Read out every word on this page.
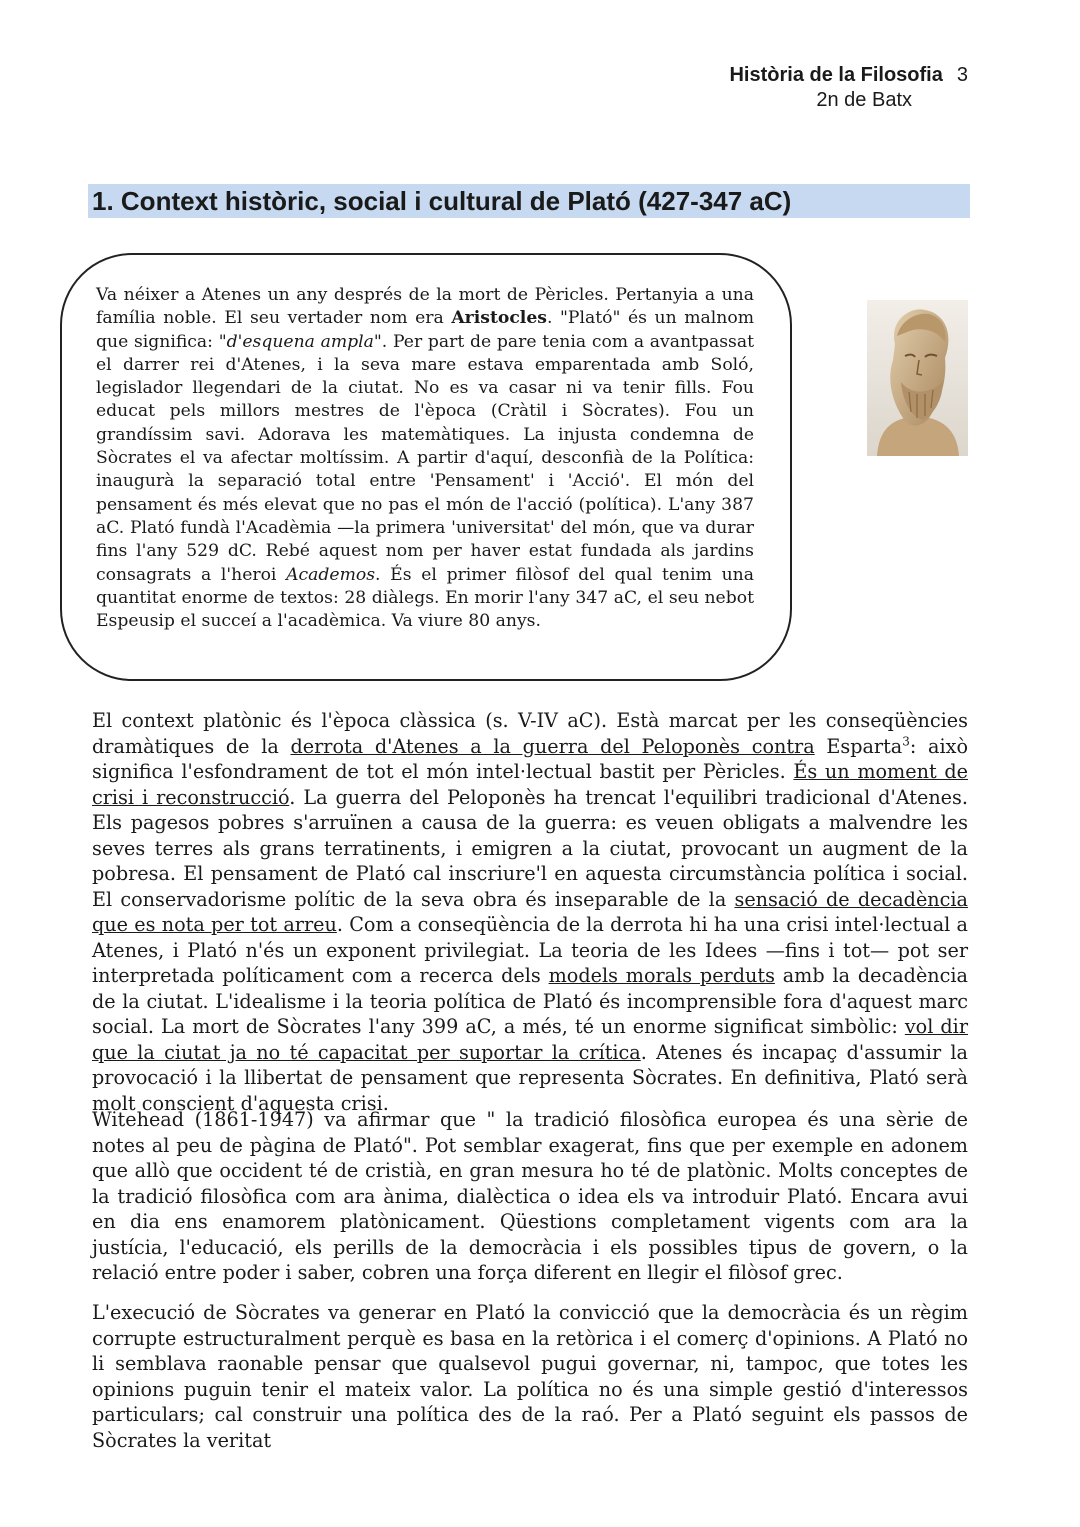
Història de la Filosofia 3
2n de Batx
1. Context històric, social i cultural de Plató (427-347 aC)
Va néixer a Atenes un any després de la mort de Pèricles. Pertanyia a una família noble. El seu vertader nom era Aristocles. "Plató" és un malnom que significa: "d'esquena ampla". Per part de pare tenia com a avantpassat el darrer rei d'Atenes, i la seva mare estava emparentada amb Soló, legislador llegendari de la ciutat. No es va casar ni va tenir fills. Fou educat pels millors mestres de l'època (Cràtil i Sòcrates). Fou un grandíssim savi. Adorava les matemàtiques. La injusta condemna de Sòcrates el va afectar moltíssim. A partir d'aquí, desconfià de la Política: inaugurà la separació total entre 'Pensament' i 'Acció'. El món del pensament és més elevat que no pas el món de l'acció (política). L'any 387 aC. Plató fundà l'Acadèmia —la primera 'universitat' del món, que va durar fins l'any 529 dC. Rebé aquest nom per haver estat fundada als jardins consagrats a l'heroi Academos. És el primer filòsof del qual tenim una quantitat enorme de textos: 28 diàlegs. En morir l'any 347 aC, el seu nebot Espeusip el succeí a l'acadèmica. Va viure 80 anys.

El context platònic és l'època clàssica (s. V-IV aC). Està marcat per les conseqüències dramàtiques de la derrota d'Atenes a la guerra del Peloponès contra Esparta$^3$: això significa l'esfondrament de tot el món intel·lectual bastit per Pèricles. És un moment de crisi i reconstrucció. La guerra del Peloponès ha trencat l'equilibri tradicional d'Atenes. Els pagesos pobres s'arruïnen a causa de la guerra: es veuen obligats a malvendre les seves terres als grans terratinents, i emigren a la ciutat, provocant un augment de la pobresa. El pensament de Plató cal inscriure'l en aquesta circumstància política i social. El conservadorisme polític de la seva obra és inseparable de la sensació de decadència que es nota per tot arreu. Com a conseqüència de la derrota hi ha una crisi intel·lectual a Atenes, i Plató n'és un exponent privilegiat. La teoria de les Idees —fins i tot— pot ser interpretada políticament com a recerca dels models morals perduts amb la decadència de la ciutat. L'idealisme i la teoria política de Plató és incomprensible fora d'aquest marc social. La mort de Sòcrates l'any 399 aC, a més, té un enorme significat simbòlic: vol dir que la ciutat ja no té capacitat per suportar la crítica. Atenes és incapaç d'assumir la provocació i la llibertat de pensament que representa Sòcrates. En definitiva, Plató serà molt conscient d'aquesta crisi.

Witehead (1861-1947) va afirmar que " la tradició filosòfica europea és una sèrie de notes al peu de pàgina de Plató". Pot semblar exagerat, fins que per exemple en adonem que allò que occident té de cristià, en gran mesura ho té de platònic. Molts conceptes de la tradició filosòfica com ara ànima, dialèctica o idea els va introduir Plató. Encara avui en dia ens enamorem platònicament. Qüestions completament vigents com ara la justícia, l'educació, els perills de la democràcia i els possibles tipus de govern, o la relació entre poder i saber, cobren una força diferent en llegir el filòsof grec.

L'execució de Sòcrates va generar en Plató la convicció que la democràcia és un règim corrupte estructuralment perquè es basa en la retòrica i el comerç d'opinions. A Plató no li semblava raonable pensar que qualsevol pugui governar, ni, tampoc, que totes les opinions puguin tenir el mateix valor. La política no és una simple gestió d'interessos particulars; cal construir una política des de la raó. Per a Plató seguint els passos de Sòcrates la veritat
